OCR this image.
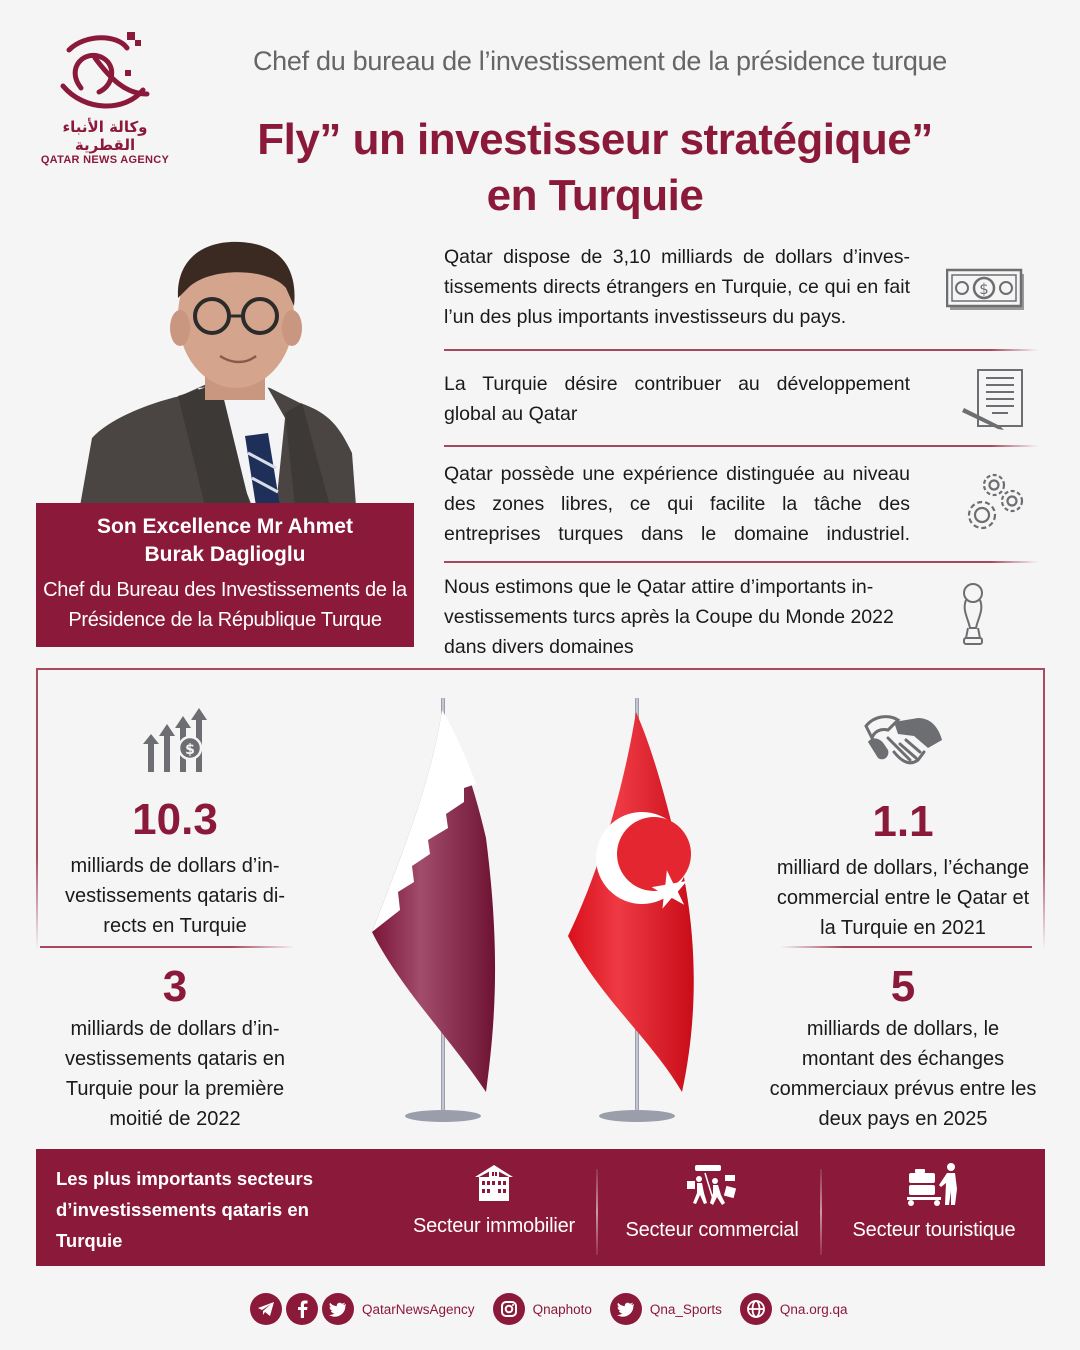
وكالة الأنباء القطرية
QATAR NEWS AGENCY
Chef du bureau de l’investissement de la présidence turque
Fly” un investisseur stratégique”
en Turquie
Son Excellence Mr Ahmet
Burak Daglioglu
Chef du Bureau des Investissements de la
Présidence de la République Turque
Qatar dispose de 3,10 milliards de dollars d’inves-tissements directs étrangers en Turquie, ce qui en fait l’un des plus importants investisseurs du pays.
$
La Turquie désire contribuer au développement global au Qatar
Qatar possède une expérience distinguée au niveau des zones libres, ce qui facilite la tâche des entreprises turques dans le domaine industriel.
Nous estimons que le Qatar attire d’importants in-vestissements turcs après la Coupe du Monde 2022 dans divers domaines
$
10.3
milliards de dollars d’in-vestissements qataris di-rects en Turquie
3
milliards de dollars d’in-vestissements qataris en Turquie pour la première moitié de 2022
1.1
milliard de dollars, l’échange commercial entre le Qatar et la Turquie en 2021
5
milliards de dollars, le montant des échanges commerciaux prévus entre les deux pays en 2025
Les plus importants secteurs d’investissements qataris en Turquie
Secteur immobilier	Secteur commercial	Secteur touristique
QatarNewsAgency	Qnaphoto	Qna_Sports	Qna.org.qa
